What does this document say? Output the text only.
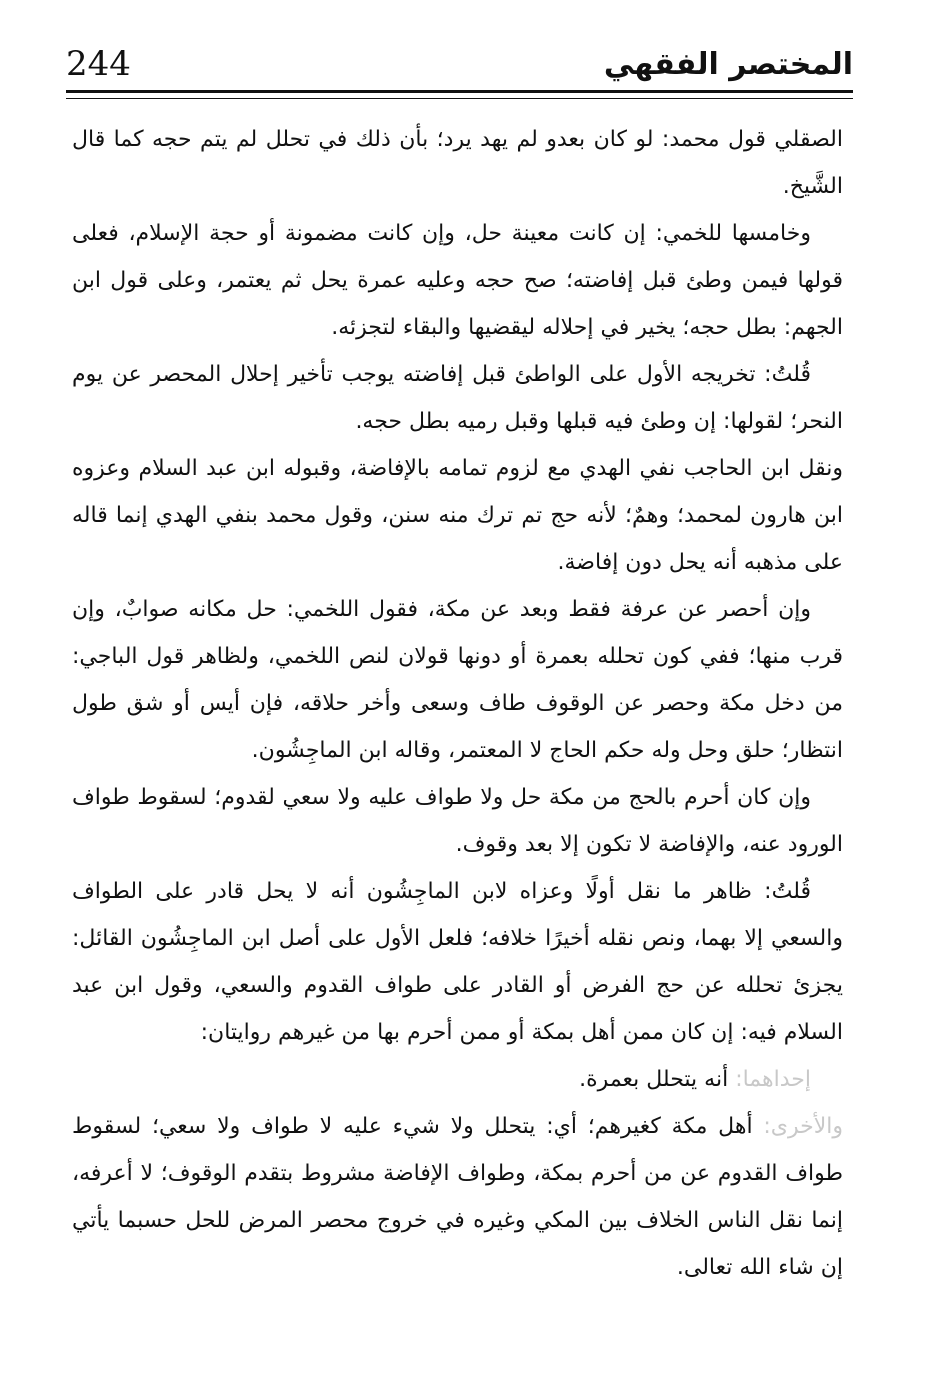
244	المختصر الفقهي

الصقلي قول محمد: لو كان بعدو لم يهد يرد؛ بأن ذلك في تحلل لم يتم حجه كما قال الشَّيخ.

وخامسها للخمي: إن كانت معينة حل، وإن كانت مضمونة أو حجة الإسلام، فعلى قولها فيمن وطئ قبل إفاضته؛ صح حجه وعليه عمرة يحل ثم يعتمر، وعلى قول ابن الجهم: بطل حجه؛ يخير في إحلاله ليقضيها والبقاء لتجزئه.

قُلتُ: تخريجه الأول على الواطئ قبل إفاضته يوجب تأخير إحلال المحصر عن يوم النحر؛ لقولها: إن وطئ فيه قبلها وقبل رميه بطل حجه.

ونقل ابن الحاجب نفي الهدي مع لزوم تمامه بالإفاضة، وقبوله ابن عبد السلام وعزوه ابن هارون لمحمد؛ وهمٌ؛ لأنه حج تم ترك منه سنن، وقول محمد بنفي الهدي إنما قاله على مذهبه أنه يحل دون إفاضة.

وإن أحصر عن عرفة فقط وبعد عن مكة، فقول اللخمي: حل مكانه صوابٌ، وإن قرب منها؛ ففي كون تحلله بعمرة أو دونها قولان لنص اللخمي، ولظاهر قول الباجي: من دخل مكة وحصر عن الوقوف طاف وسعى وأخر حلاقه، فإن أيس أو شق طول انتظار؛ حلق وحل وله حكم الحاج لا المعتمر، وقاله ابن الماجِشُون.

وإن كان أحرم بالحج من مكة حل ولا طواف عليه ولا سعي لقدوم؛ لسقوط طواف الورود عنه، والإفاضة لا تكون إلا بعد وقوف.

قُلتُ: ظاهر ما نقل أولًا وعزاه لابن الماجِشُون أنه لا يحل قادر على الطواف والسعي إلا بهما، ونص نقله أخيرًا خلافه؛ فلعل الأول على أصل ابن الماجِشُون القائل: يجزئ تحلله عن حج الفرض أو القادر على طواف القدوم والسعي، وقول ابن عبد السلام فيه: إن كان ممن أهل بمكة أو ممن أحرم بها من غيرهم روايتان:

إحداهما: أنه يتحلل بعمرة.

والأخرى: أهل مكة كغيرهم؛ أي: يتحلل ولا شيء عليه لا طواف ولا سعي؛ لسقوط طواف القدوم عن من أحرم بمكة، وطواف الإفاضة مشروط بتقدم الوقوف؛ لا أعرفه، إنما نقل الناس الخلاف بين المكي وغيره في خروج محصر المرض للحل حسبما يأتي إن شاء الله تعالى.
